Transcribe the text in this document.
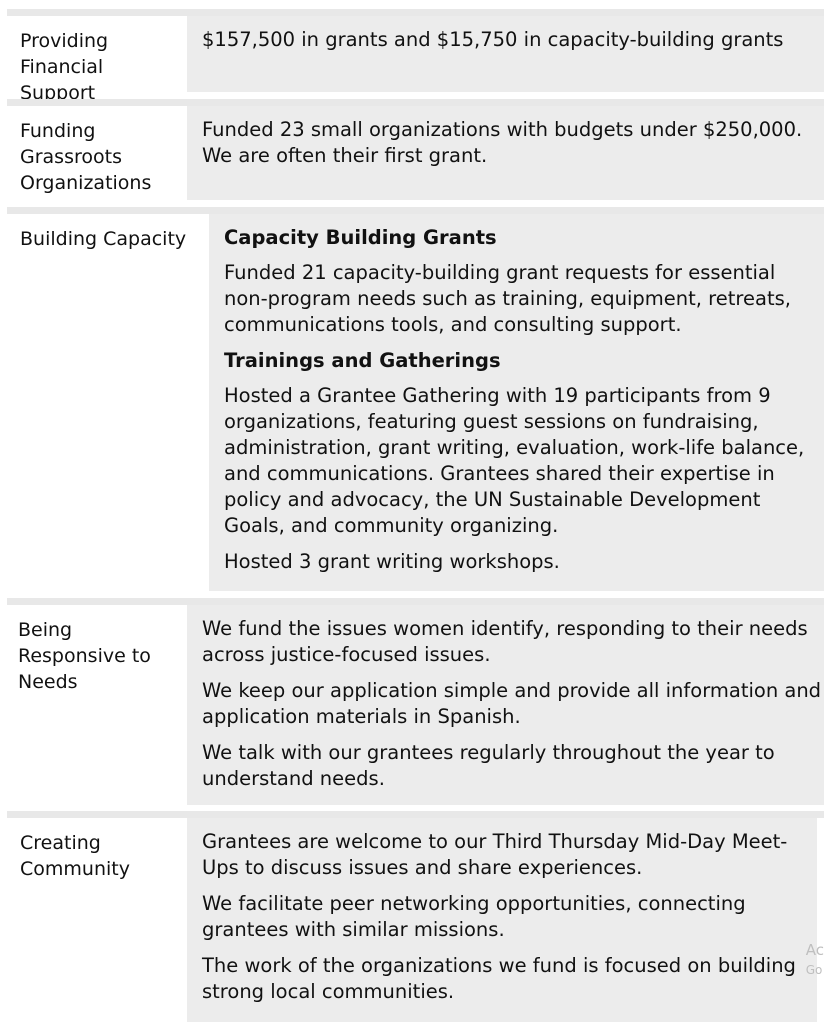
Providing Financial Support

$157,500 in grants and $15,750 in capacity-building grants

Funding Grassroots Organizations

Funded 23 small organizations with budgets under $250,000. We are often their first grant.

Building Capacity	Capacity Building Grants

Funded 21 capacity-building grant requests for essential non-program needs such as training, equipment, retreats, communications tools, and consulting support.

Trainings and Gatherings

Hosted a Grantee Gathering with 19 participants from 9 organizations, featuring guest sessions on fundraising, administration, grant writing, evaluation, work-life balance, and communications. Grantees shared their expertise in policy and advocacy, the UN Sustainable Development Goals, and community organizing.

Hosted 3 grant writing workshops.

Being Responsive to Needs

We fund the issues women identify, responding to their needs across justice-focused issues.

We keep our application simple and provide all information and application materials in Spanish.

We talk with our grantees regularly throughout the year to understand needs.

Creating Community

Grantees are welcome to our Third Thursday Mid-Day Meet-Ups to discuss issues and share experiences.

We facilitate peer networking opportunities, connecting grantees with similar missions.

The work of the organizations we fund is focused on building strong local communities.

Ac
Go
